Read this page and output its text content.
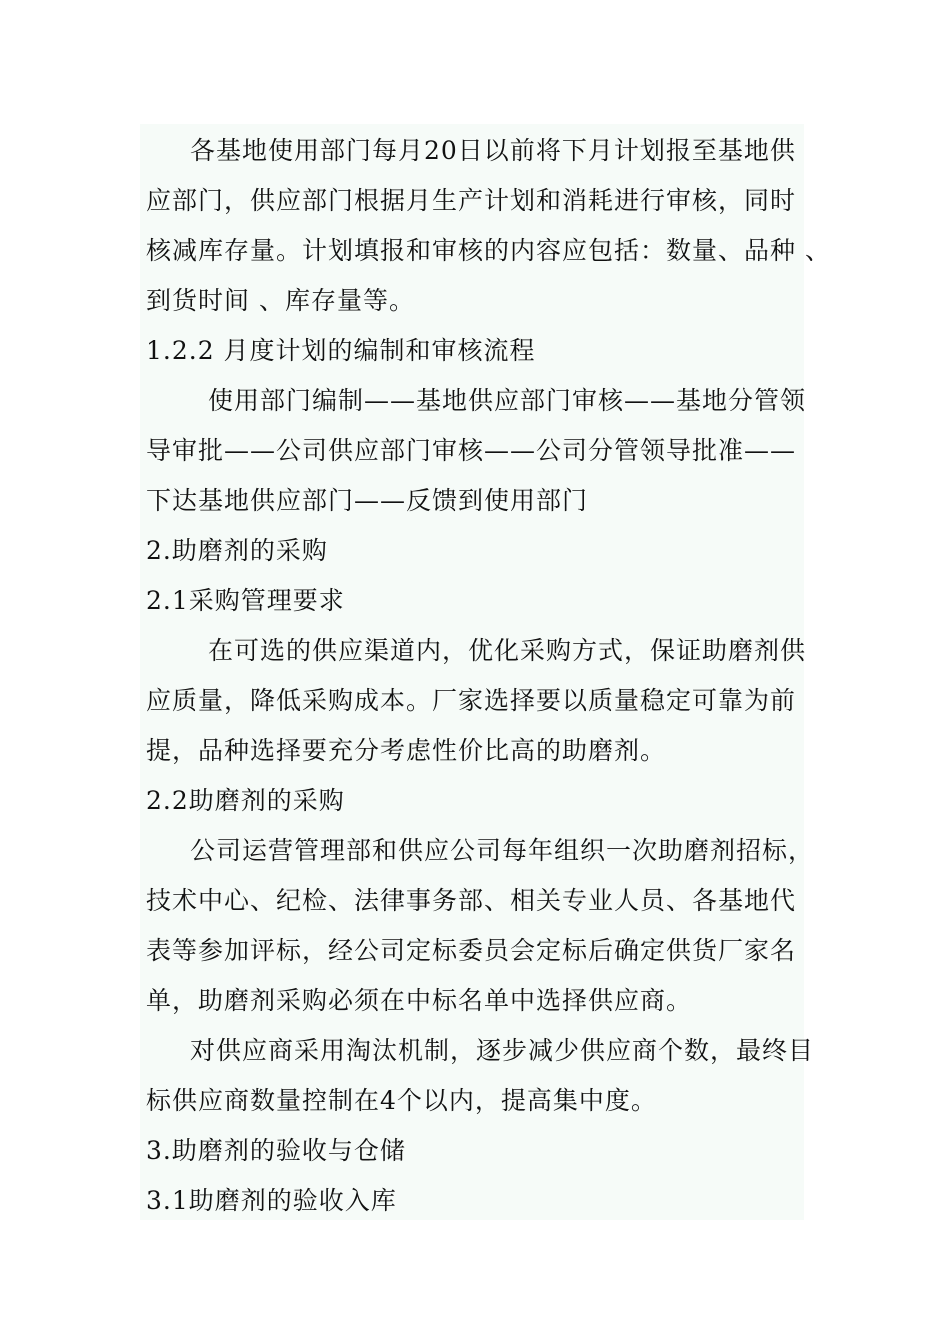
各基地使用部门每月20日以前将下月计划报至基地供
应部门，供应部门根据月生产计划和消耗进行审核，同时
核减库存量。计划填报和审核的内容应包括：数量、品种 、
到货时间 、库存量等。
1.2.2 月度计划的编制和审核流程
使用部门编制——基地供应部门审核——基地分管领
导审批——公司供应部门审核——公司分管领导批准——
下达基地供应部门——反馈到使用部门
2.助磨剂的采购
2.1采购管理要求
在可选的供应渠道内，优化采购方式，保证助磨剂供
应质量，降低采购成本。厂家选择要以质量稳定可靠为前
提，品种选择要充分考虑性价比高的助磨剂。
2.2助磨剂的采购
公司运营管理部和供应公司每年组织一次助磨剂招标，
技术中心、纪检、法律事务部、相关专业人员、各基地代
表等参加评标，经公司定标委员会定标后确定供货厂家名
单，助磨剂采购必须在中标名单中选择供应商。
对供应商采用淘汰机制，逐步减少供应商个数，最终目
标供应商数量控制在4个以内，提高集中度。
3.助磨剂的验收与仓储
3.1助磨剂的验收入库
